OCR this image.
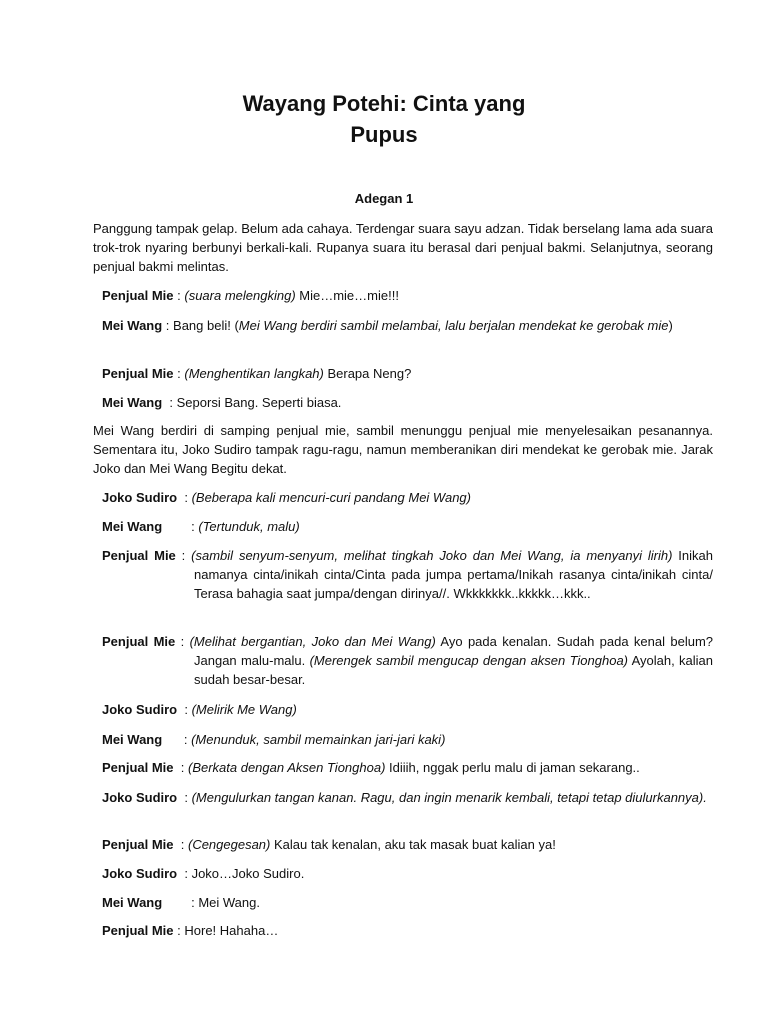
Wayang Potehi: Cinta yang
Pupus
Adegan 1

Panggung tampak gelap. Belum ada cahaya. Terdengar suara sayu adzan. Tidak berselang lama ada suara trok-trok nyaring berbunyi berkali-kali. Rupanya suara itu berasal dari penjual bakmi. Selanjutnya, seorang penjual bakmi melintas.

Penjual Mie : (suara melengking) Mie…mie…mie!!!

Mei Wang : Bang beli! (Mei Wang berdiri sambil melambai, lalu berjalan mendekat ke gerobak mie)

Penjual Mie : (Menghentikan langkah) Berapa Neng?

Mei Wang  : Seporsi Bang. Seperti biasa.

Mei Wang berdiri di samping penjual mie, sambil menunggu penjual mie menyelesaikan pesanannya. Sementara itu, Joko Sudiro tampak ragu-ragu, namun memberanikan diri mendekat ke gerobak mie. Jarak Joko dan Mei Wang Begitu dekat.

Joko Sudiro  : (Beberapa kali mencuri-curi pandang Mei Wang)

Mei Wang        : (Tertunduk, malu)

Penjual Mie : (sambil senyum-senyum, melihat tingkah Joko dan Mei Wang, ia menyanyi lirih) Inikah namanya cinta/inikah cinta/Cinta pada jumpa pertama/Inikah rasanya cinta/inikah cinta/ Terasa bahagia saat jumpa/dengan dirinya//. Wkkkkkkk..kkkkk…kkk..

Penjual Mie : (Melihat bergantian, Joko dan Mei Wang) Ayo pada kenalan. Sudah pada kenal belum? Jangan malu-malu. (Merengek sambil mengucap dengan aksen Tionghoa) Ayolah, kalian sudah besar-besar.

Joko Sudiro  : (Melirik Me Wang)

Mei Wang      : (Menunduk, sambil memainkan jari-jari kaki)

Penjual Mie  : (Berkata dengan Aksen Tionghoa) Idiiih, nggak perlu malu di jaman sekarang..

Joko Sudiro  : (Mengulurkan tangan kanan. Ragu, dan ingin menarik kembali, tetapi tetap diulurkannya).

Penjual Mie  : (Cengegesan) Kalau tak kenalan, aku tak masak buat kalian ya!

Joko Sudiro  : Joko…Joko Sudiro.

Mei Wang        : Mei Wang.

Penjual Mie : Hore! Hahaha…
